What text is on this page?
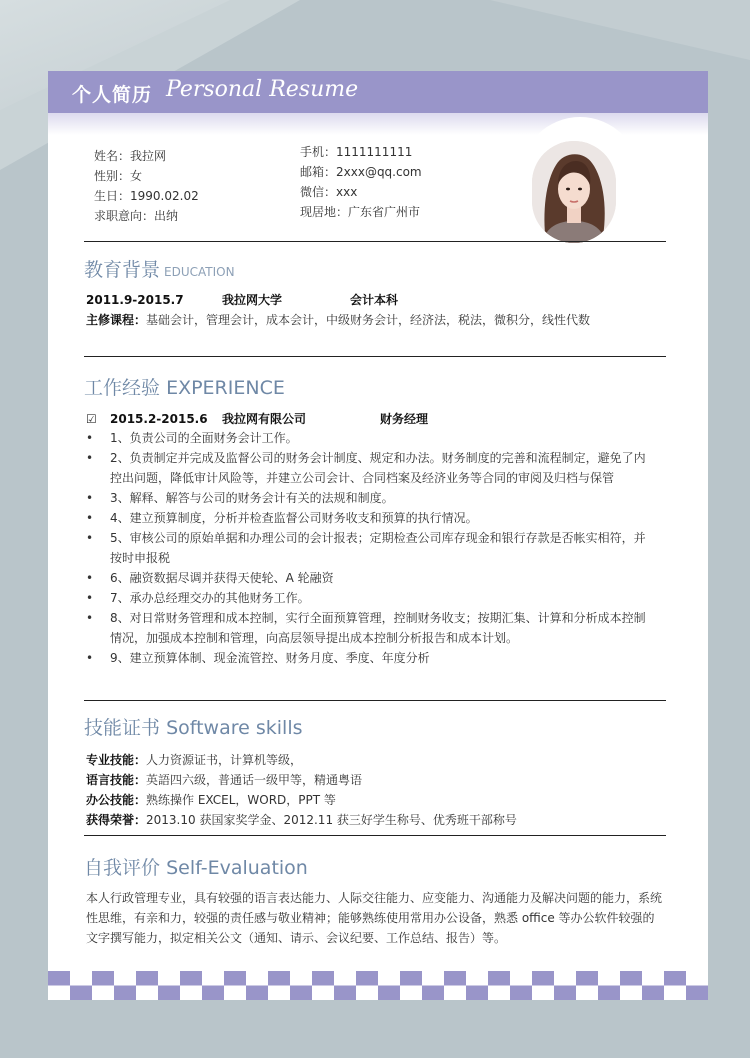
个人简历 Personal Resume
姓名：我拉网
性别：女
生日：1990.02.02
求职意向：出纳
手机：1111111111
邮箱：2xxx@qq.com
微信：xxx
现居地：广东省广州市
教育背景 EDUCATION
2011.9-2015.7	我拉网大学	会计本科
主修课程：基础会计，管理会计，成本会计，中级财务会计，经济法，税法，微积分，线性代数
工作经验 EXPERIENCE
☑ 2015.2-2015.6 我拉网有限公司	财务经理
• 1、负责公司的全面财务会计工作。
• 2、负责制定并完成及监督公司的财务会计制度、规定和办法。财务制度的完善和流程制定，避免了内控出问题，降低审计风险等，并建立公司会计、合同档案及经济业务等合同的审阅及归档与保管
• 3、解释、解答与公司的财务会计有关的法规和制度。
• 4、建立预算制度，分析并检查监督公司财务收支和预算的执行情况。
• 5、审核公司的原始单据和办理公司的会计报表；定期检查公司库存现金和银行存款是否帐实相符，并按时申报税
• 6、融资数据尽调并获得天使轮、A 轮融资
• 7、承办总经理交办的其他财务工作。
• 8、对日常财务管理和成本控制，实行全面预算管理，控制财务收支；按期汇集、计算和分析成本控制情况，加强成本控制和管理，向高层领导提出成本控制分析报告和成本计划。
• 9、建立预算体制、现金流管控、财务月度、季度、年度分析
技能证书 Software skills
专业技能：人力资源证书，计算机等级，
语言技能：英語四六级，普通话一级甲等，精通粤语
办公技能：熟练操作 EXCEL，WORD，PPT 等
获得荣誉：2013.10 获国家奖学金、2012.11 获三好学生称号、优秀班干部称号
自我评价 Self-Evaluation
本人行政管理专业，具有较强的语言表达能力、人际交往能力、应变能力、沟通能力及解决问题的能力，系统性思维，有亲和力，较强的责任感与敬业精神；能够熟练使用常用办公设备，熟悉 office 等办公软件较强的文字撰写能力，拟定相关公文（通知、请示、会议纪要、工作总结、报告）等。
